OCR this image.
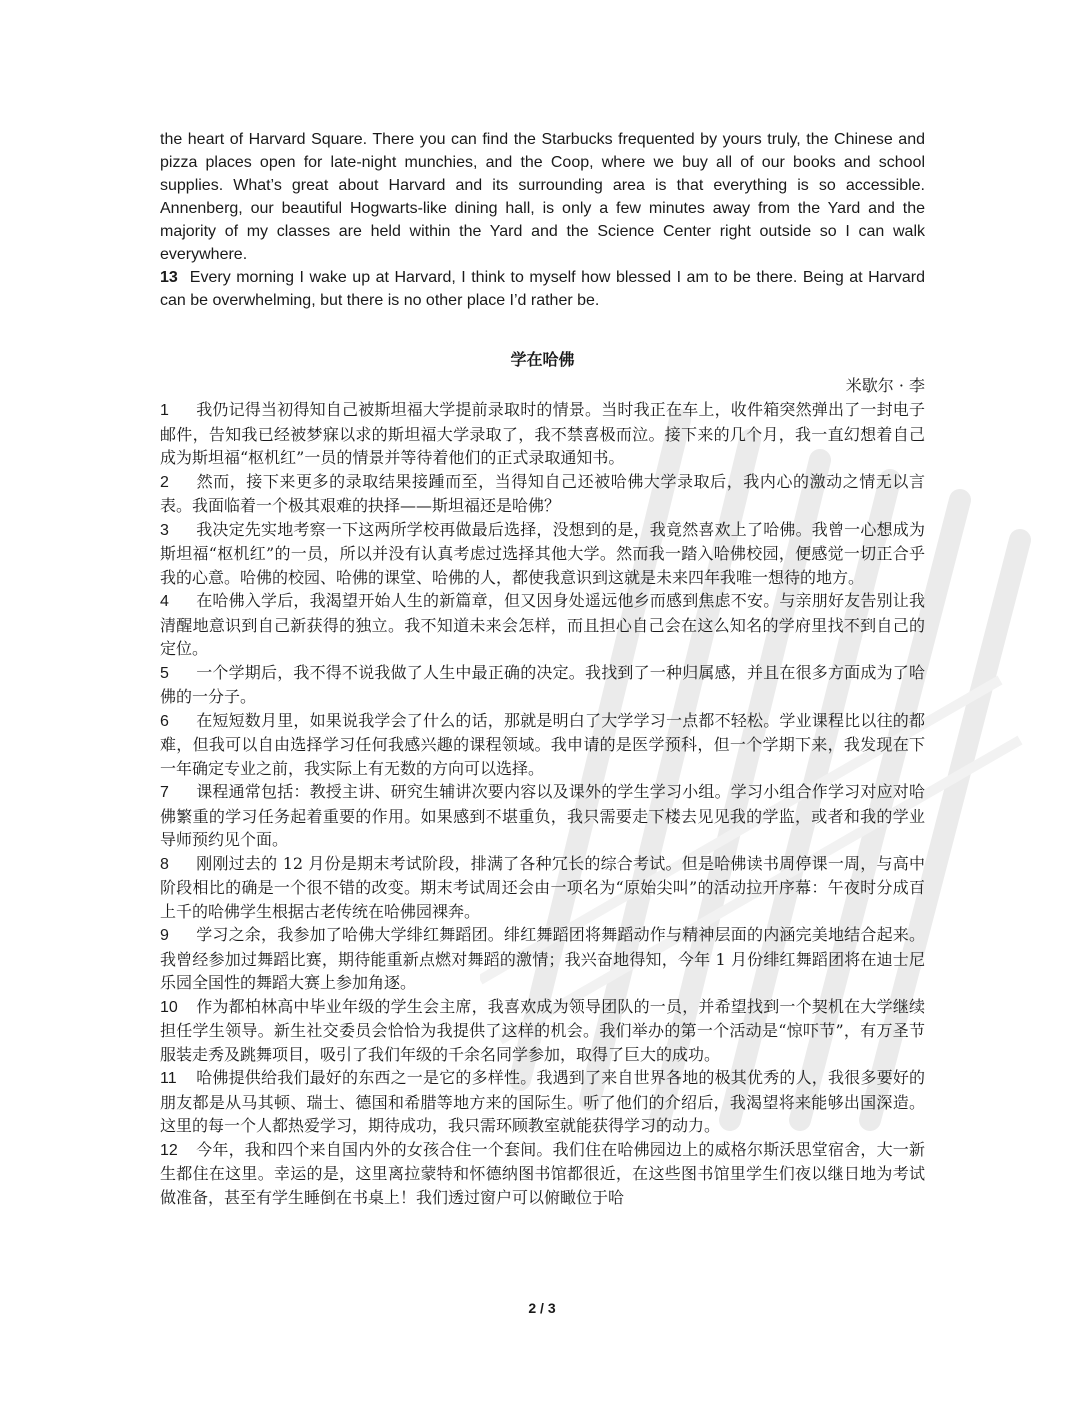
the heart of Harvard Square. There you can find the Starbucks frequented by yours truly, the Chinese and pizza places open for late-night munchies, and the Coop, where we buy all of our books and school supplies. What’s great about Harvard and its surrounding area is that everything is so accessible. Annenberg, our beautiful Hogwarts-like dining hall, is only a few minutes away from the Yard and the majority of my classes are held within the Yard and the Science Center right outside so I can walk everywhere.

13 Every morning I wake up at Harvard, I think to myself how blessed I am to be there. Being at Harvard can be overwhelming, but there is no other place I’d rather be.

学在哈佛

米歇尔 · 李

1 我仍记得当初得知自己被斯坦福大学提前录取时的情景。当时我正在车上，收件箱突然弹出了一封电子邮件，告知我已经被梦寐以求的斯坦福大学录取了，我不禁喜极而泣。接下来的几个月，我一直幻想着自己成为斯坦福“枢机红”一员的情景并等待着他们的正式录取通知书。

2 然而，接下来更多的录取结果接踵而至，当得知自己还被哈佛大学录取后，我内心的激动之情无以言表。我面临着一个极其艰难的抉择——斯坦福还是哈佛？

3 我决定先实地考察一下这两所学校再做最后选择，没想到的是，我竟然喜欢上了哈佛。我曾一心想成为斯坦福“枢机红”的一员，所以并没有认真考虑过选择其他大学。然而我一踏入哈佛校园，便感觉一切正合乎我的心意。哈佛的校园、哈佛的课堂、哈佛的人，都使我意识到这就是未来四年我唯一想待的地方。

4 在哈佛入学后，我渴望开始人生的新篇章，但又因身处遥远他乡而感到焦虑不安。与亲朋好友告别让我清醒地意识到自己新获得的独立。我不知道未来会怎样，而且担心自己会在这么知名的学府里找不到自己的定位。

5 一个学期后，我不得不说我做了人生中最正确的决定。我找到了一种归属感，并且在很多方面成为了哈佛的一分子。

6 在短短数月里，如果说我学会了什么的话，那就是明白了大学学习一点都不轻松。学业课程比以往的都难，但我可以自由选择学习任何我感兴趣的课程领域。我申请的是医学预科，但一个学期下来，我发现在下一年确定专业之前，我实际上有无数的方向可以选择。

7 课程通常包括：教授主讲、研究生辅讲次要内容以及课外的学生学习小组。学习小组合作学习对应对哈佛繁重的学习任务起着重要的作用。如果感到不堪重负，我只需要走下楼去见见我的学监，或者和我的学业导师预约见个面。

8 刚刚过去的 12 月份是期末考试阶段，排满了各种冗长的综合考试。但是哈佛读书周停课一周，与高中阶段相比的确是一个很不错的改变。期末考试周还会由一项名为“原始尖叫”的活动拉开序幕：午夜时分成百上千的哈佛学生根据古老传统在哈佛园裸奔。

9 学习之余，我参加了哈佛大学绯红舞蹈团。绯红舞蹈团将舞蹈动作与精神层面的内涵完美地结合起来。我曾经参加过舞蹈比赛，期待能重新点燃对舞蹈的激情；我兴奋地得知，今年 1 月份绯红舞蹈团将在迪士尼乐园全国性的舞蹈大赛上参加角逐。

10 作为都柏林高中毕业年级的学生会主席，我喜欢成为领导团队的一员，并希望找到一个契机在大学继续担任学生领导。新生社交委员会恰恰为我提供了这样的机会。我们举办的第一个活动是“惊吓节”，有万圣节服装走秀及跳舞项目，吸引了我们年级的千余名同学参加，取得了巨大的成功。

11 哈佛提供给我们最好的东西之一是它的多样性。我遇到了来自世界各地的极其优秀的人，我很多要好的朋友都是从马其顿、瑞士、德国和希腊等地方来的国际生。听了他们的介绍后，我渴望将来能够出国深造。这里的每一个人都热爱学习，期待成功，我只需环顾教室就能获得学习的动力。

12 今年，我和四个来自国内外的女孩合住一个套间。我们住在哈佛园边上的威格尔斯沃思堂宿舍，大一新生都住在这里。幸运的是，这里离拉蒙特和怀德纳图书馆都很近，在这些图书馆里学生们夜以继日地为考试做准备，甚至有学生睡倒在书桌上！我们透过窗户可以俯瞰位于哈

2 / 3
